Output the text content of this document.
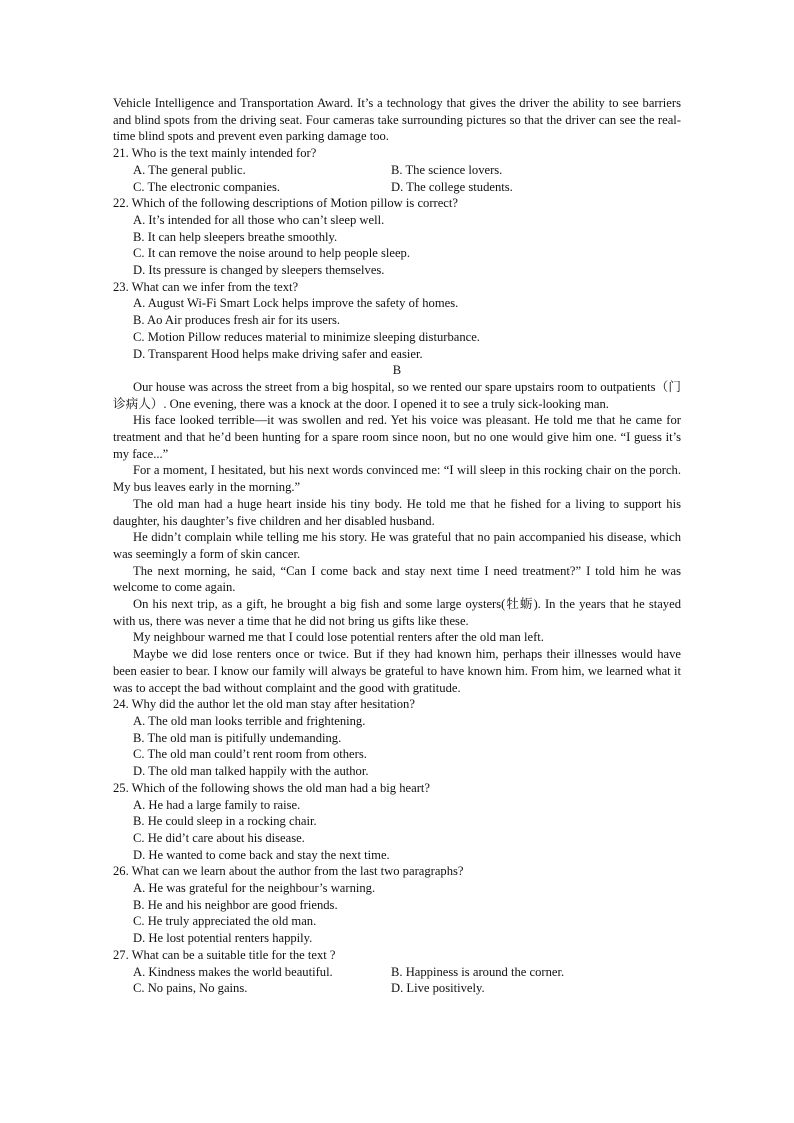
Vehicle Intelligence and Transportation Award. It’s a technology that gives the driver the ability to see barriers and blind spots from the driving seat. Four cameras take surrounding pictures so that the driver can see the real-time blind spots and prevent even parking damage too.

21. Who is the text mainly intended for?

A. The general public.	B. The science lovers.
C. The electronic companies.	D. The college students.

22. Which of the following descriptions of Motion pillow is correct?

A. It’s intended for all those who can’t sleep well.

B. It can help sleepers breathe smoothly.

C. It can remove the noise around to help people sleep.

D. Its pressure is changed by sleepers themselves.

23. What can we infer from the text?

A. August Wi-Fi Smart Lock helps improve the safety of homes.

B. Ao Air produces fresh air for its users.

C. Motion Pillow reduces material to minimize sleeping disturbance.

D. Transparent Hood helps make driving safer and easier.

B

Our house was across the street from a big hospital, so we rented our spare upstairs room to outpatients（门诊病人）. One evening, there was a knock at the door. I opened it to see a truly sick-looking man.

His face looked terrible—it was swollen and red. Yet his voice was pleasant. He told me that he came for treatment and that he’d been hunting for a spare room since noon, but no one would give him one. “I guess it’s my face...”

For a moment, I hesitated, but his next words convinced me: “I will sleep in this rocking chair on the porch. My bus leaves early in the morning.”

The old man had a huge heart inside his tiny body. He told me that he fished for a living to support his daughter, his daughter’s five children and her disabled husband.

He didn’t complain while telling me his story. He was grateful that no pain accompanied his disease, which was seemingly a form of skin cancer.

The next morning, he said, “Can I come back and stay next time I need treatment?” I told him he was welcome to come again.

On his next trip, as a gift, he brought a big fish and some large oysters(牡蛎). In the years that he stayed with us, there was never a time that he did not bring us gifts like these.

My neighbour warned me that I could lose potential renters after the old man left.

Maybe we did lose renters once or twice. But if they had known him, perhaps their illnesses would have been easier to bear. I know our family will always be grateful to have known him. From him, we learned what it was to accept the bad without complaint and the good with gratitude.

24. Why did the author let the old man stay after hesitation?

A. The old man looks terrible and frightening.

B. The old man is pitifully undemanding.

C. The old man could’t rent room from others.

D. The old man talked happily with the author.

25. Which of the following shows the old man had a big heart?

A. He had a large family to raise.

B. He could sleep in a rocking chair.

C. He did’t care about his disease.

D. He wanted to come back and stay the next time.

26. What can we learn about the author from the last two paragraphs?

A. He was grateful for the neighbour’s warning.

B. He and his neighbor are good friends.

C. He truly appreciated the old man.

D. He lost potential renters happily.

27. What can be a suitable title for the text ?

A. Kindness makes the world beautiful.	B. Happiness is around the corner.
C. No pains, No gains.	D. Live positively.
